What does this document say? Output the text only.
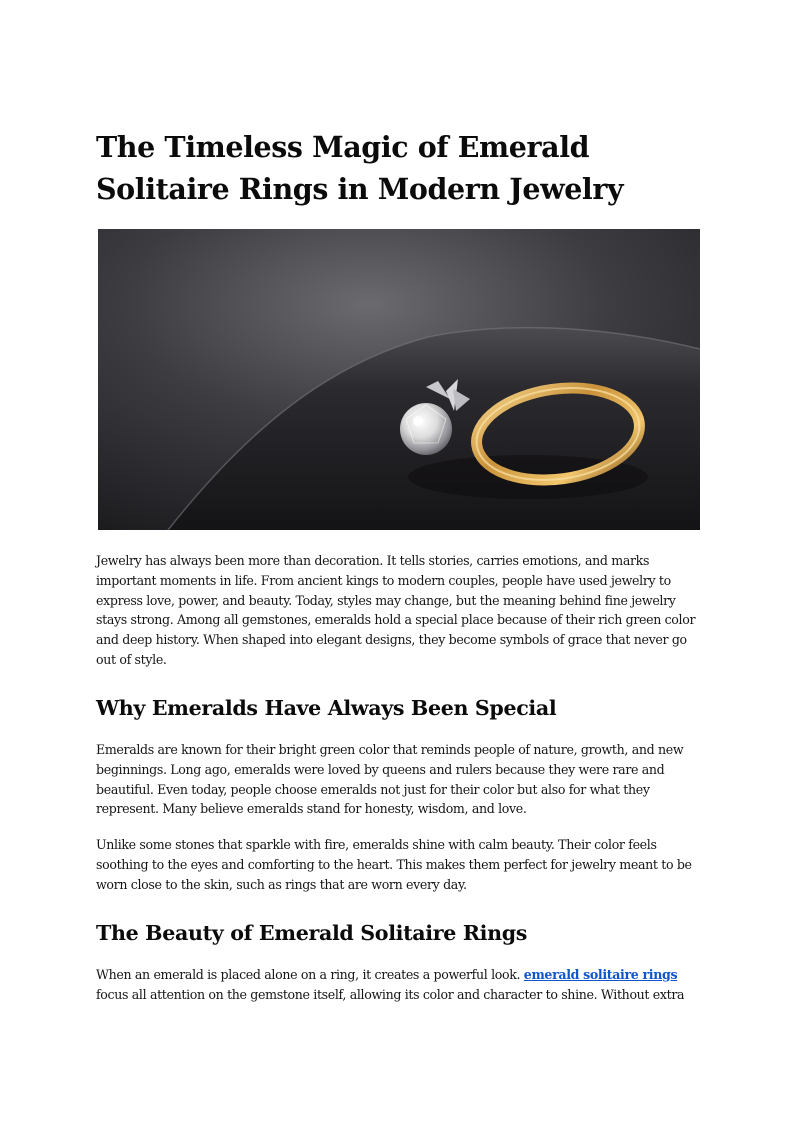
The Timeless Magic of Emerald Solitaire Rings in Modern Jewelry

Jewelry has always been more than decoration. It tells stories, carries emotions, and marks important moments in life. From ancient kings to modern couples, people have used jewelry to express love, power, and beauty. Today, styles may change, but the meaning behind fine jewelry stays strong. Among all gemstones, emeralds hold a special place because of their rich green color and deep history. When shaped into elegant designs, they become symbols of grace that never go out of style.

Why Emeralds Have Always Been Special

Emeralds are known for their bright green color that reminds people of nature, growth, and new beginnings. Long ago, emeralds were loved by queens and rulers because they were rare and beautiful. Even today, people choose emeralds not just for their color but also for what they represent. Many believe emeralds stand for honesty, wisdom, and love.

Unlike some stones that sparkle with fire, emeralds shine with calm beauty. Their color feels soothing to the eyes and comforting to the heart. This makes them perfect for jewelry meant to be worn close to the skin, such as rings that are worn every day.

The Beauty of Emerald Solitaire Rings

When an emerald is placed alone on a ring, it creates a powerful look. emerald solitaire rings focus all attention on the gemstone itself, allowing its color and character to shine. Without extra
